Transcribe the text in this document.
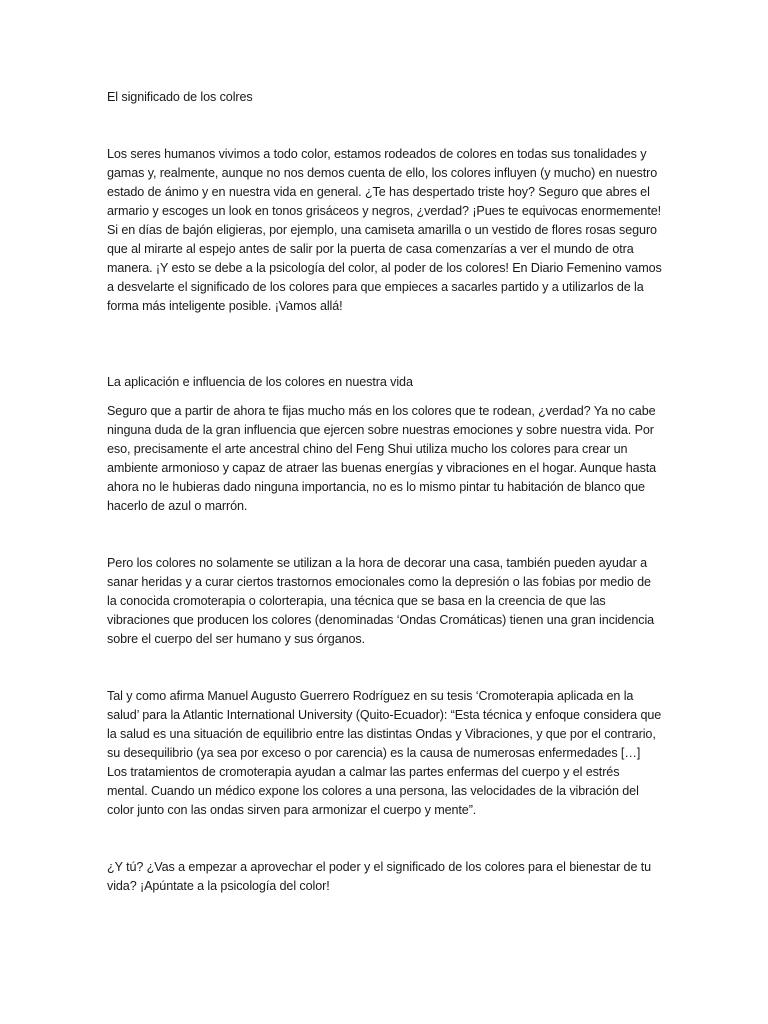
El significado de los colres

Los seres humanos vivimos a todo color, estamos rodeados de colores en todas sus tonalidades y gamas y, realmente, aunque no nos demos cuenta de ello, los colores influyen (y mucho) en nuestro estado de ánimo y en nuestra vida en general. ¿Te has despertado triste hoy? Seguro que abres el armario y escoges un look en tonos grisáceos y negros, ¿verdad? ¡Pues te equivocas enormemente! Si en días de bajón eligieras, por ejemplo, una camiseta amarilla o un vestido de flores rosas seguro que al mirarte al espejo antes de salir por la puerta de casa comenzarías a ver el mundo de otra manera. ¡Y esto se debe a la psicología del color, al poder de los colores! En Diario Femenino vamos a desvelarte el significado de los colores para que empieces a sacarles partido y a utilizarlos de la forma más inteligente posible. ¡Vamos allá!

La aplicación e influencia de los colores en nuestra vida

Seguro que a partir de ahora te fijas mucho más en los colores que te rodean, ¿verdad? Ya no cabe ninguna duda de la gran influencia que ejercen sobre nuestras emociones y sobre nuestra vida. Por eso, precisamente el arte ancestral chino del Feng Shui utiliza mucho los colores para crear un ambiente armonioso y capaz de atraer las buenas energías y vibraciones en el hogar. Aunque hasta ahora no le hubieras dado ninguna importancia, no es lo mismo pintar tu habitación de blanco que hacerlo de azul o marrón.

Pero los colores no solamente se utilizan a la hora de decorar una casa, también pueden ayudar a sanar heridas y a curar ciertos trastornos emocionales como la depresión o las fobias por medio de la conocida cromoterapia o colorterapia, una técnica que se basa en la creencia de que las vibraciones que producen los colores (denominadas ‘Ondas Cromáticas) tienen una gran incidencia sobre el cuerpo del ser humano y sus órganos.

Tal y como afirma Manuel Augusto Guerrero Rodríguez en su tesis ‘Cromoterapia aplicada en la salud’ para la Atlantic International University (Quito-Ecuador): “Esta técnica y enfoque considera que la salud es una situación de equilibrio entre las distintas Ondas y Vibraciones, y que por el contrario, su desequilibrio (ya sea por exceso o por carencia) es la causa de numerosas enfermedades […] Los tratamientos de cromoterapia ayudan a calmar las partes enfermas del cuerpo y el estrés mental. Cuando un médico expone los colores a una persona, las velocidades de la vibración del color junto con las ondas sirven para armonizar el cuerpo y mente”.

¿Y tú? ¿Vas a empezar a aprovechar el poder y el significado de los colores para el bienestar de tu vida? ¡Apúntate a la psicología del color!
